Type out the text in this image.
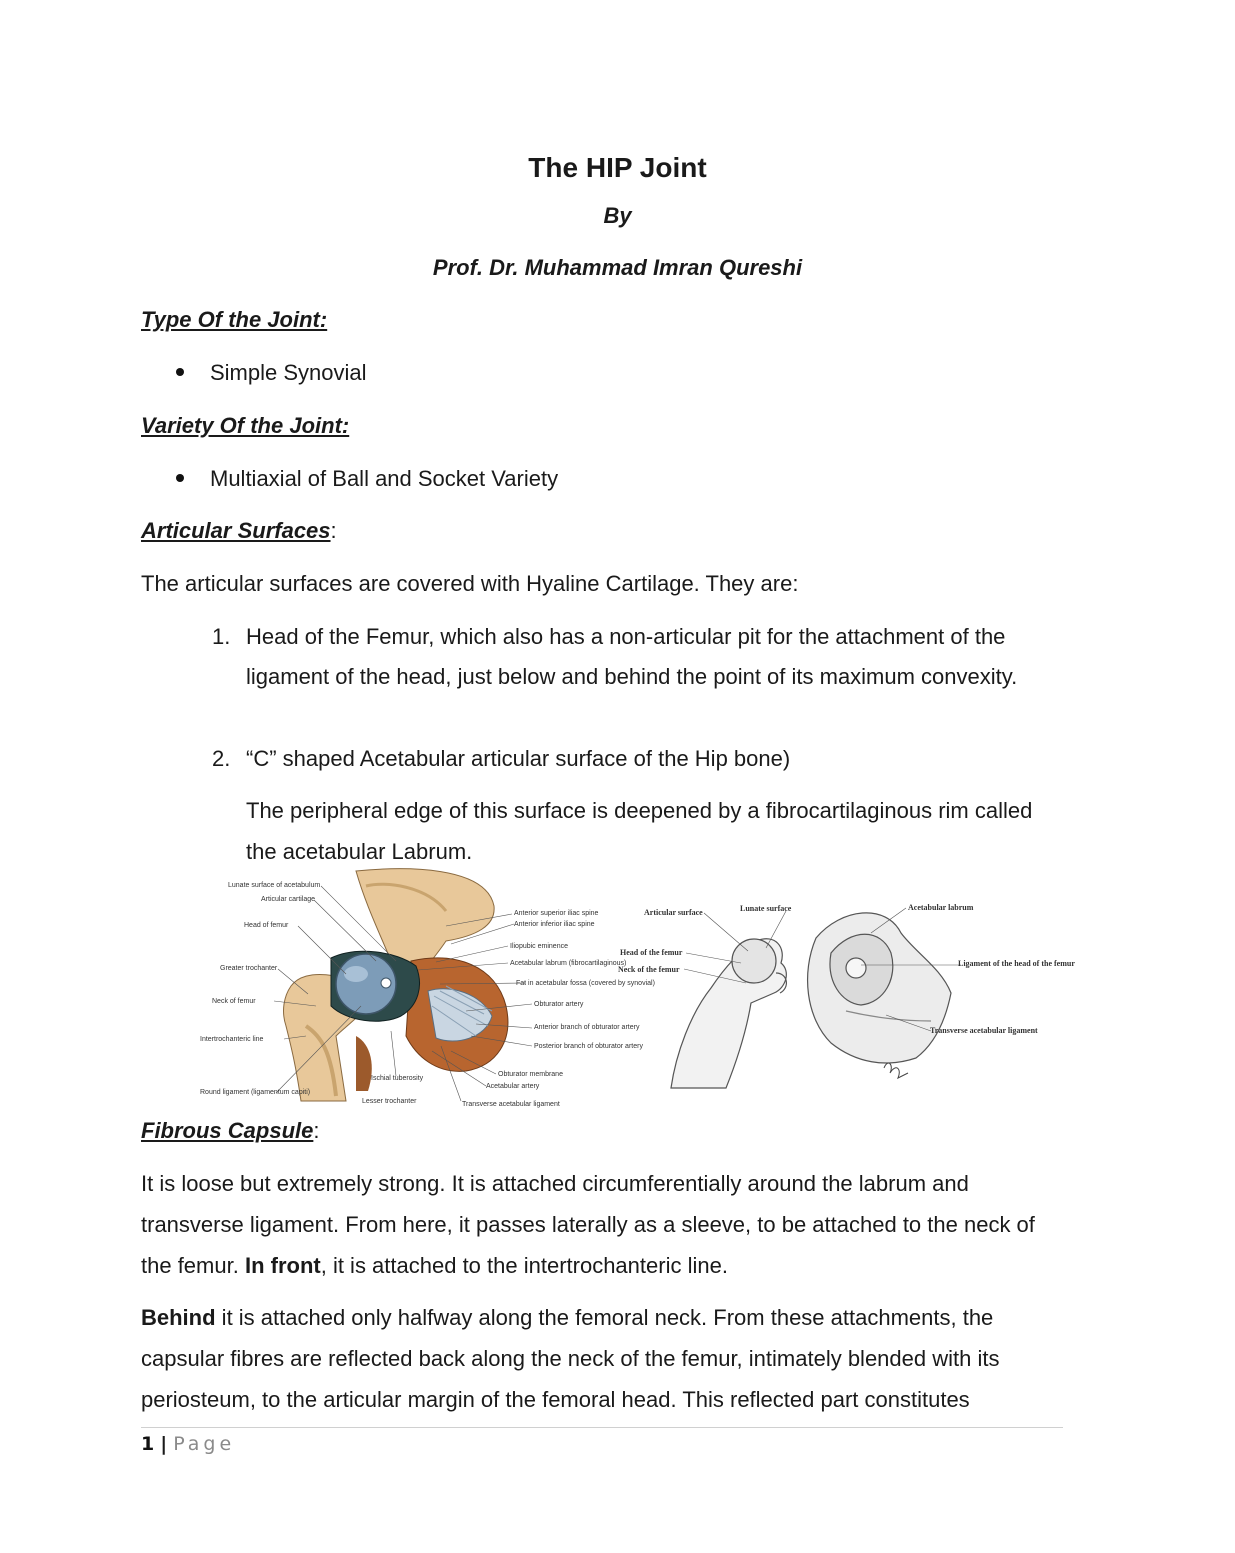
The HIP Joint
By
Prof. Dr. Muhammad Imran Qureshi
Type Of the Joint:
Simple Synovial
Variety Of the Joint:
Multiaxial of Ball and Socket Variety
Articular Surfaces:

The articular surfaces are covered with Hyaline Cartilage. They are:

1. Head of the Femur, which also has a non-articular pit for the attachment of the ligament of the head, just below and behind the point of its maximum convexity.
2. “C” shaped Acetabular articular surface of the Hip bone)

The peripheral edge of this surface is deepened by a fibrocartilaginous rim called the acetabular Labrum.

Lunate surface of acetabulum
Articular cartilage
Head of femur
Greater trochanter
Neck of femur
Intertrochanteric line
Round ligament (ligamentum capiti)
Anterior superior iliac spine
Anterior inferior iliac spine
Iliopubic eminence
Acetabular labrum (fibrocartilaginous)
Fat in acetabular fossa (covered by synovial)
Obturator artery
Anterior branch of obturator artery
Posterior branch of obturator artery
Obturator membrane
Acetabular artery
Ischial tuberosity
Lesser trochanter	Transverse acetabular ligament
Articular surface	Lunate surface	Acetabular labrum
Head of the femur
Neck of the femur
Ligament of the head of the femur
Transverse acetabular ligament
Fibrous Capsule:

It is loose but extremely strong. It is attached circumferentially around the labrum and transverse ligament. From here, it passes laterally as a sleeve, to be attached to the neck of the femur. In front, it is attached to the intertrochanteric line.

Behind it is attached only halfway along the femoral neck. From these attachments, the capsular fibres are reflected back along the neck of the femur, intimately blended with its periosteum, to the articular margin of the femoral head. This reflected part constitutes

1 | Page
